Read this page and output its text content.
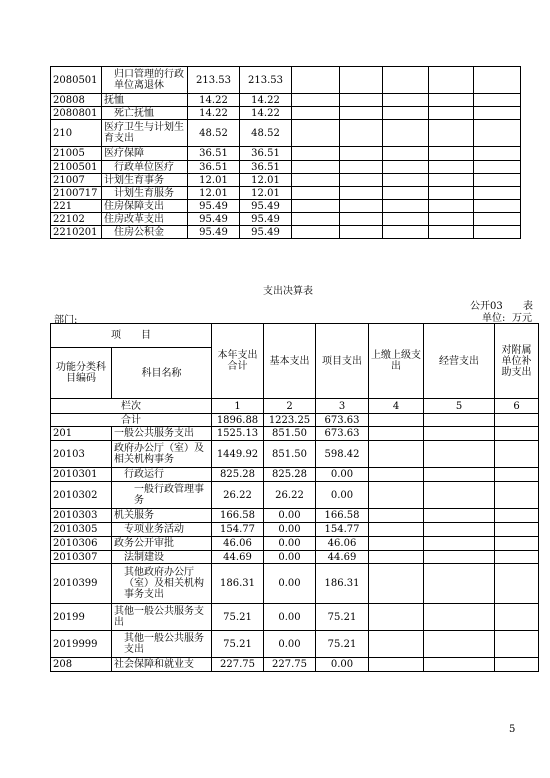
2080501	归口管理的行政单位离退休	213.53	213.53					
20808	抚恤	14.22	14.22					
2080801	死亡抚恤	14.22	14.22					
210	医疗卫生与计划生育支出	48.52	48.52					
21005	医疗保障	36.51	36.51					
2100501	行政单位医疗	36.51	36.51					
21007	计划生育事务	12.01	12.01					
2100717	计划生育服务	12.01	12.01					
221	住房保障支出	95.49	95.49					
22102	住房改革支出	95.49	95.49					
2210201	住房公积金	95.49	95.49					
支出决算表
公开03 表
单位: 万元
部门:
项　　目		本年支出合计	基本支出	项目支出	上缴上级支出	经营支出	对附属单位补助支出
功能分类科目编码	科目名称						
栏次		1	2	3	4	5	6
合计		1896.88	1223.25	673.63			
201	一般公共服务支出	1525.13	851.50	673.63			
20103	政府办公厅（室）及相关机构事务	1449.92	851.50	598.42			
2010301	行政运行	825.28	825.28	0.00			
2010302	一般行政管理事务	26.22	26.22	0.00			
2010303	机关服务	166.58	0.00	166.58			
2010305	专项业务活动	154.77	0.00	154.77			
2010306	政务公开审批	46.06	0.00	46.06			
2010307	法制建设	44.69	0.00	44.69			
2010399	其他政府办公厅（室）及相关机构事务支出	186.31	0.00	186.31			
20199	其他一般公共服务支出	75.21	0.00	75.21			
2019999	其他一般公共服务支出	75.21	0.00	75.21			
208	社会保障和就业支	227.75	227.75	0.00			
5
